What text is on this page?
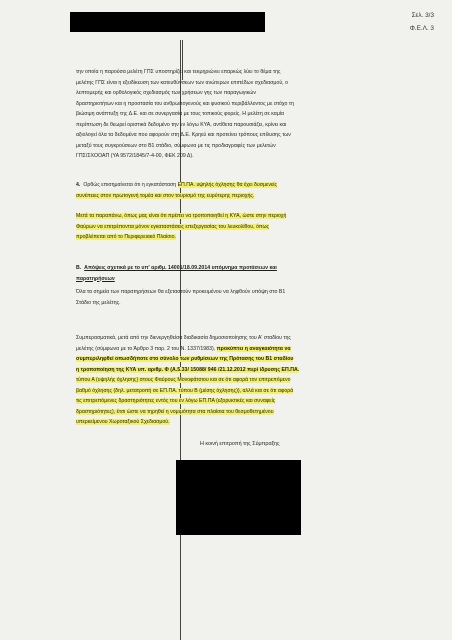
Σελ. 3/3
Φ.Ε.Λ. 3

την οποία η παρούσα μελέτη ΓΠΣ υποστηρίζει και τεκμηριώνει επαρκώς λύει το θέμα της

μελέτης ΓΠΣ είναι η εξειδίκευση των κατευθύνσεων των ανώτερων επιπέδων σχεδιασμού, ο

λεπτομερής και ορθολογικός σχεδιασμός των χρήσεων γης των παραγωγικών

δραστηριοτήτων και η προστασία του ανθρωπογενούς και φυσικού περιβάλλοντος με στόχο τη

βιώσιμη ανάπτυξη της Δ.Ε. και σε συνεργασία με τους τοπικούς φορείς. Η μελέτη σε καμία

περίπτωση δε θεωρεί οριστικά δεδομένο την εν λόγω ΚΥΑ, αντίθετα παρουσιάζει, κρίνει και

αξιολογεί όλα τα δεδομένα που αφορούν στη Δ.Ε. Κρηεύ και προτείνει τρόπους επίλυσης των

μεταξύ τους συγκρούσεων στο Β1 στάδιο, σύμφωνα με τις προδιαγραφές των μελετών

ΓΠΣ/ΣΧΟΟΑΠ (ΥΑ 9572/1845/7-4-00, ΦΕΚ 209 Δ).

4. Ορθώς επισημαίνεται ότι η εγκατάσταση ΕΠ.ΠΑ. υψηλής όχλησης θα έχει δυσμενείς

συνέπειες στον πρωτογενή τομέα και στον τουρισμό της ευρύτερης περιοχής.

Μετά τα παραπάνω, όπως μας είναι ότι πρέπει να τροποποιηθεί η ΚΥΑ, ώστε στην περιοχή

Φαύρων να επιτρέπονται μόνον εγκαταστάσεις επεξεργασίας του λευκολίθου, όπως

προβλέπεται από το Περιφερειακό Πλαίσιο.

Β. Απόψεις σχετικά με το υπ' αριθμ. 14001/18.09.2014 υπόμνημα προτάσεων και

παρατηρήσεων

Όλα τα σημεία των παρατηρήσεων θα εξεταστούν προκειμένου να ληφθούν υπόψη στο Β1

Στάδιο της μελέτης.

Συμπερασματικά, μετά από την διενεργηθείσα διαδικασία δημοσιοποίησης του Α' σταδίου της

μελέτης (σύμφωνα με το Άρθρο 3 παρ. 2 του Ν. 1337/1983), προκύπτει η αναγκαιότητα να

συμπεριληφθεί οπωσδήποτε στο σύνολο των ρυθμίσεων της Πρότασης του Β1 σταδίου

η τροποποίηση της ΚΥΑ υπ. αριθμ. Φ (Α.5.33/ 15088/ 946 /21.12.2012 περί ίδρυσης ΕΠ.ΠΑ.

τύπου Α (υψηλής όχλησης) στους Φαύρους Μονοφάτσιου και σε ότι αφορά τον επιτρεπόμενο

βαθμό όχλησης (δηλ. μετατροπή σε ΕΠ.ΠΑ. τύπου Β (μέσης όχλησης)), αλλά και σε ότι αφορά

τις επιτρεπόμενες δραστηριότητες εντός του εν λόγω ΕΠ.ΠΑ (εξορυκτικές και συναφείς

δραστηριότητες), έτσι ώστε να τηρηθεί η νομιμότητα στα πλαίσια του θεσμοθετημένου

υπερκείμενου Χωροταξικού Σχεδιασμού.

Η κοινή επιτροπή της Σύμπραξης
